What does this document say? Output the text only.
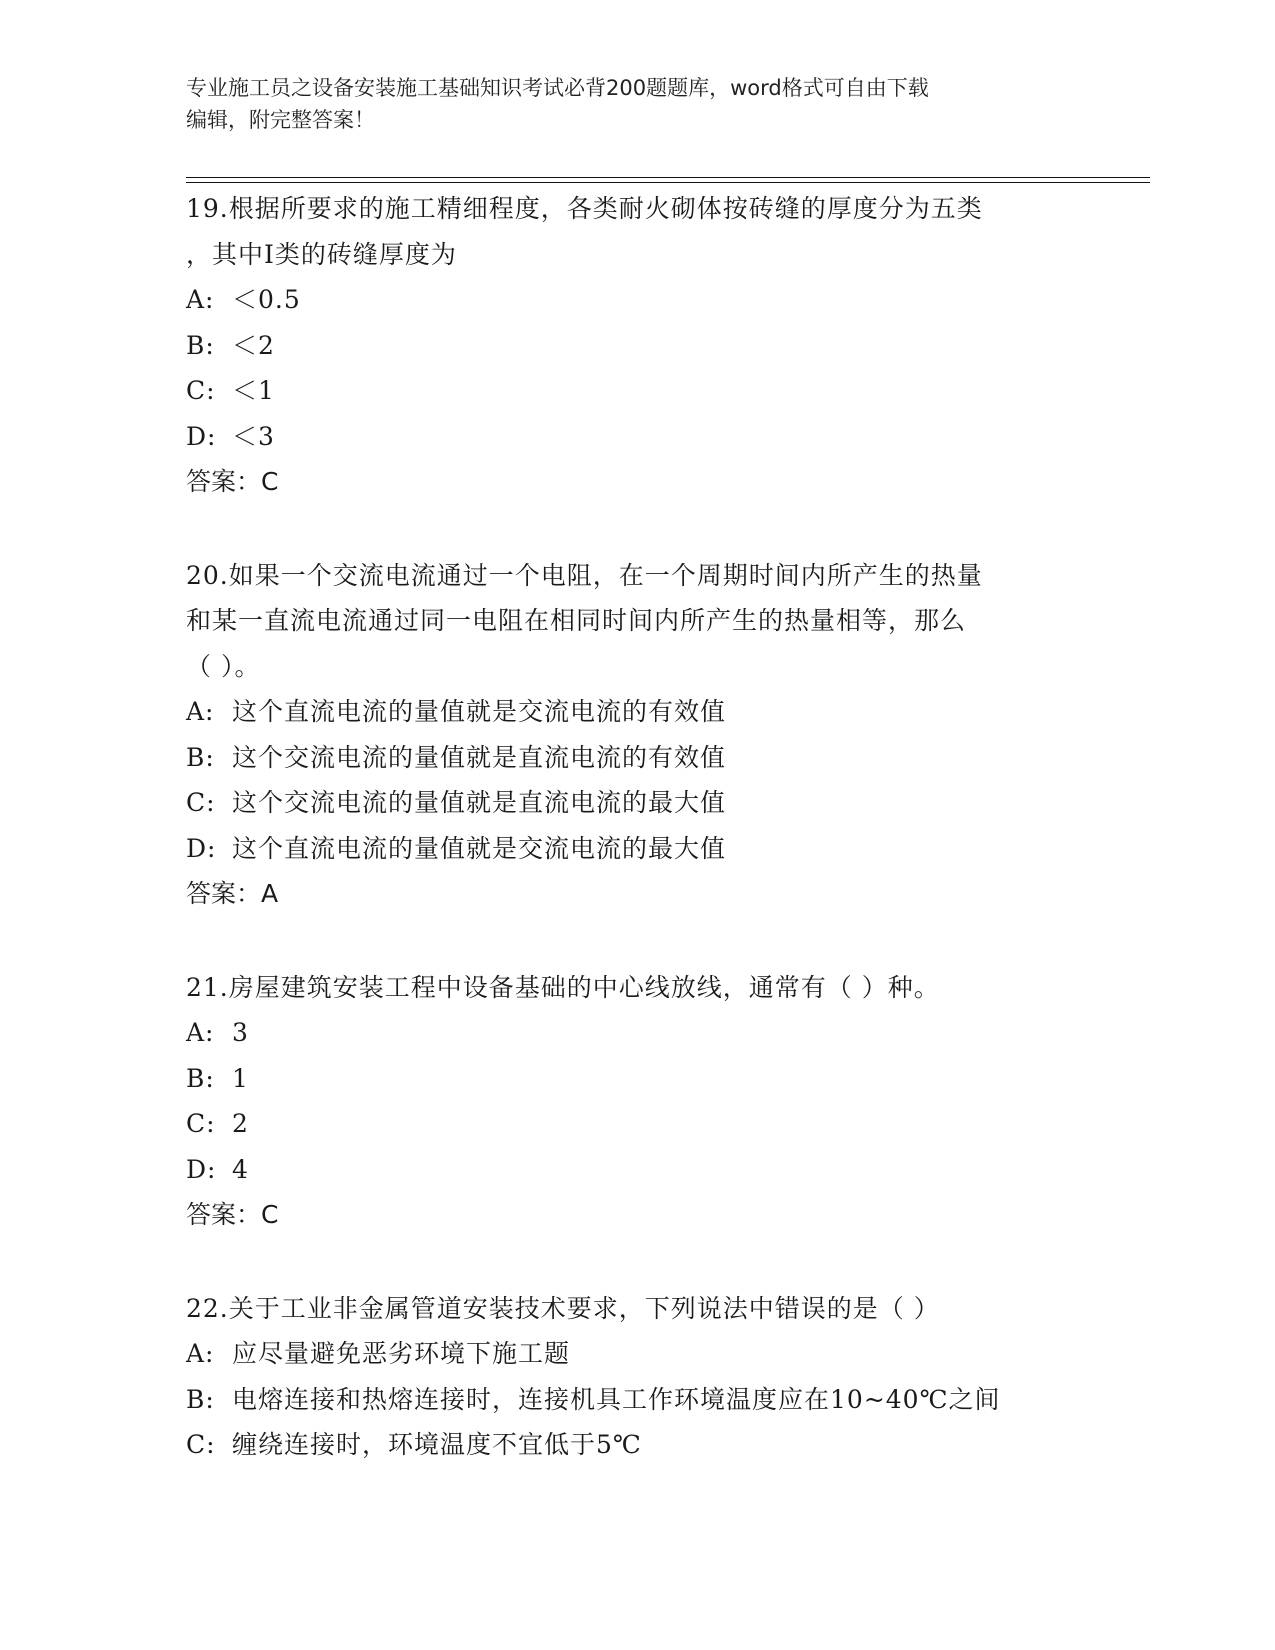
专业施工员之设备安装施工基础知识考试必背200题题库，word格式可自由下载
编辑，附完整答案！
19.根据所要求的施工精细程度，各类耐火砌体按砖缝的厚度分为五类
，其中Ⅰ类的砖缝厚度为
A: ＜0.5
B: ＜2
C: ＜1
D: ＜3
答案：C
20.如果一个交流电流通过一个电阻，在一个周期时间内所产生的热量
和某一直流电流通过同一电阻在相同时间内所产生的热量相等，那么
（ ）。
A: 这个直流电流的量值就是交流电流的有效值
B: 这个交流电流的量值就是直流电流的有效值
C: 这个交流电流的量值就是直流电流的最大值
D: 这个直流电流的量值就是交流电流的最大值
答案：A
21.房屋建筑安装工程中设备基础的中心线放线，通常有（ ）种。
A: 3
B: 1
C: 2
D: 4
答案：C
22.关于工业非金属管道安装技术要求，下列说法中错误的是（ ）
A: 应尽量避免恶劣环境下施工题
B: 电熔连接和热熔连接时，连接机具工作环境温度应在10~40℃之间
C: 缠绕连接时，环境温度不宜低于5℃
